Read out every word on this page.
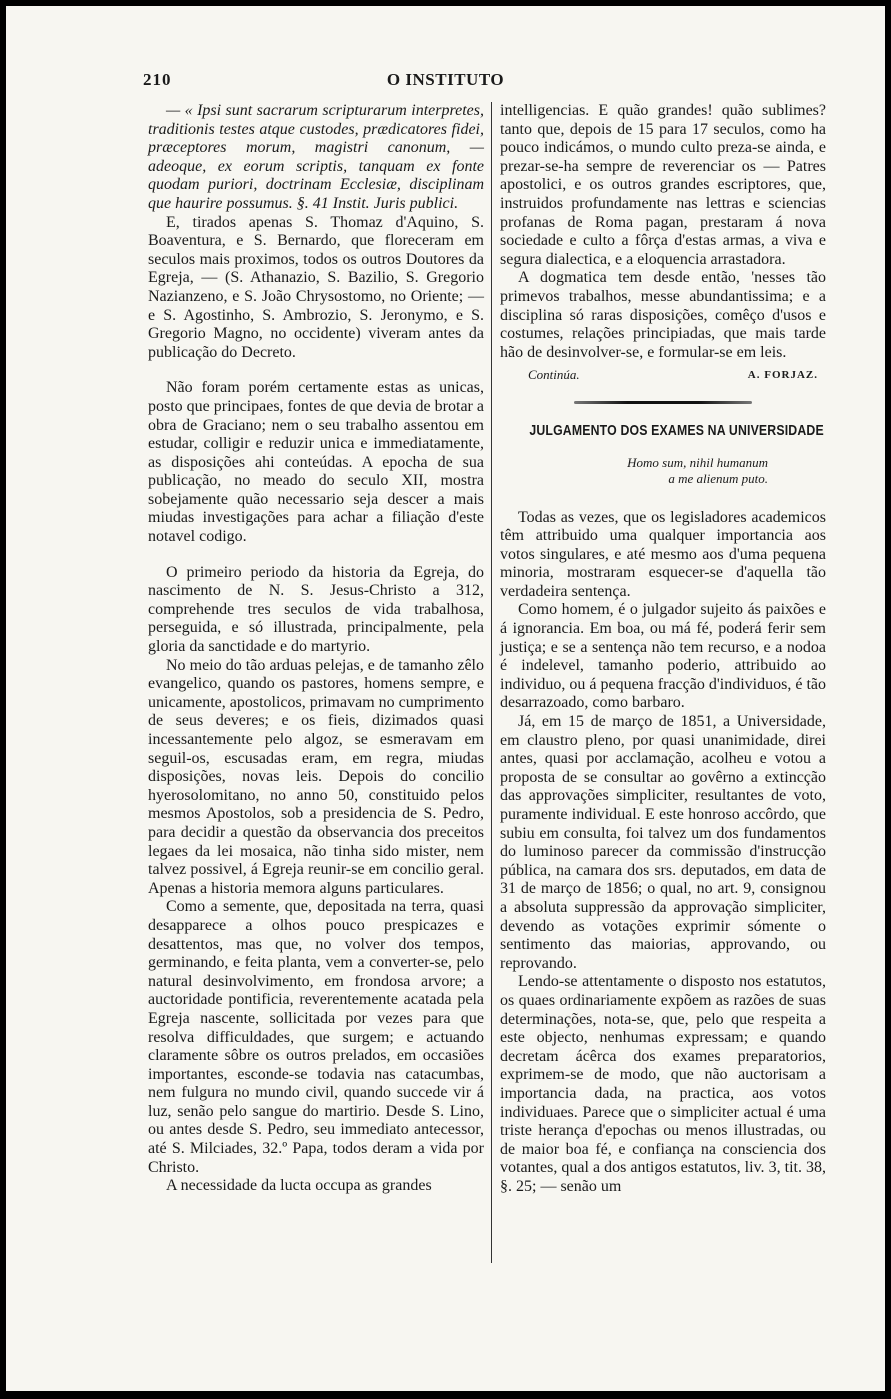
210	O INSTITUTO

— « Ipsi sunt sacrarum scripturarum interpretes, traditionis testes atque custodes, prædicatores fidei, præceptores morum, magistri canonum, — adeoque, ex eorum scriptis, tanquam ex fonte quodam puriori, doctrinam Ecclesiæ, disciplinam que haurire possumus. §. 41 Instit. Juris publici.

E, tirados apenas S. Thomaz d'Aquino, S. Boaventura, e S. Bernardo, que floreceram em seculos mais proximos, todos os outros Doutores da Egreja, — (S. Athanazio, S. Bazilio, S. Gregorio Nazianzeno, e S. João Chrysostomo, no Oriente; — e S. Agostinho, S. Ambrozio, S. Jeronymo, e S. Gregorio Magno, no occidente) viveram antes da publicação do Decreto.

Não foram porém certamente estas as unicas, posto que principaes, fontes de que devia de brotar a obra de Graciano; nem o seu trabalho assentou em estudar, colligir e reduzir unica e immediatamente, as disposições ahi conteúdas. A epocha de sua publicação, no meado do seculo XII, mostra sobejamente quão necessario seja descer a mais miudas investigações para achar a filiação d'este notavel codigo.

O primeiro periodo da historia da Egreja, do nascimento de N. S. Jesus-Christo a 312, comprehende tres seculos de vida trabalhosa, perseguida, e só illustrada, principalmente, pela gloria da sanctidade e do martyrio.

No meio do tão arduas pelejas, e de tamanho zêlo evangelico, quando os pastores, homens sempre, e unicamente, apostolicos, primavam no cumprimento de seus deveres; e os fieis, dizimados quasi incessantemente pelo algoz, se esmeravam em seguil-os, escusadas eram, em regra, miudas disposições, novas leis. Depois do concilio hyerosolomitano, no anno 50, constituido pelos mesmos Apostolos, sob a presidencia de S. Pedro, para decidir a questão da observancia dos preceitos legaes da lei mosaica, não tinha sido mister, nem talvez possivel, á Egreja reunir-se em concilio geral. Apenas a historia memora alguns particulares.

Como a semente, que, depositada na terra, quasi desapparece a olhos pouco prespicazes e desattentos, mas que, no volver dos tempos, germinando, e feita planta, vem a converter-se, pelo natural desinvolvimento, em frondosa arvore; a auctoridade pontificia, reverentemente acatada pela Egreja nascente, sollicitada por vezes para que resolva difficuldades, que surgem; e actuando claramente sôbre os outros prelados, em occasiões importantes, esconde-se todavia nas catacumbas, nem fulgura no mundo civil, quando succede vir á luz, senão pelo sangue do martirio. Desde S. Lino, ou antes desde S. Pedro, seu immediato antecessor, até S. Milciades, 32.º Papa, todos deram a vida por Christo.

A necessidade da lucta occupa as grandes

intelligencias. E quão grandes! quão sublimes? tanto que, depois de 15 para 17 seculos, como ha pouco indicámos, o mundo culto prezа-se ainda, e prezar-se-ha sempre de reverenciar os — Patres apostolici, e os outros grandes escriptores, que, instruidos profundamente nas lettras e sciencias profanas de Roma pagan, prestaram á nova sociedade e culto a fôrça d'estas armas, a viva e segura dialectica, e a eloquencia arrastadora.

A dogmatica tem desde então, 'nesses tão primevos trabalhos, messe abundantissima; e a disciplina só raras disposições, comêço d'usos e costumes, relações principiadas, que mais tarde hão de desinvolver-se, e formular-se em leis.

Continúa.	A. FORJAZ.
JULGAMENTO DOS EXAMES NA UNIVERSIDADE
Homo sum, nihil humanum
a me alienum puto.

Todas as vezes, que os legisladores academicos têm attribuido uma qualquer importancia aos votos singulares, e até mesmo aos d'uma pequena minoria, mostraram esquecer-se d'aquella tão verdadeira sentença.

Como homem, é o julgador sujeito ás paixões e á ignorancia. Em boa, ou má fé, poderá ferir sem justiça; e se a sentença não tem recurso, e a nodoa é indelevel, tamanho poderio, attribuido ao individuo, ou á pequena fracção d'individuos, é tão desarrazoado, como barbaro.

Já, em 15 de março de 1851, a Universidade, em claustro pleno, por quasi unanimidade, direi antes, quasi por acclamação, acolheu e votou a proposta de se consultar ao govêrno a extincção das approvações simpliciter, resultantes de voto, puramente individual. E este honroso accôrdo, que subiu em consulta, foi talvez um dos fundamentos do luminoso parecer da commissão d'instrucção pública, na camara dos srs. deputados, em data de 31 de março de 1856; o qual, no art. 9, consignou a absoluta suppressão da approvação simpliciter, devendo as votações exprimir sómente o sentimento das maiorias, approvando, ou reprovando.

Lendo-se attentamente o disposto nos estatutos, os quaes ordinariamente expõem as razões de suas determinações, nota-se, que, pelo que respeita a este objecto, nenhumas expressam; e quando decretam ácêrca dos exames preparatorios, exprimem-se de modo, que não auctorisam a importancia dada, na practica, aos votos individuaes. Parece que o simpliciter actual é uma triste herança d'epochas ou menos illustradas, ou de maior boa fé, e confiança na consciencia dos votantes, qual a dos antigos estatutos, liv. 3, tit. 38, §. 25; — senão um
